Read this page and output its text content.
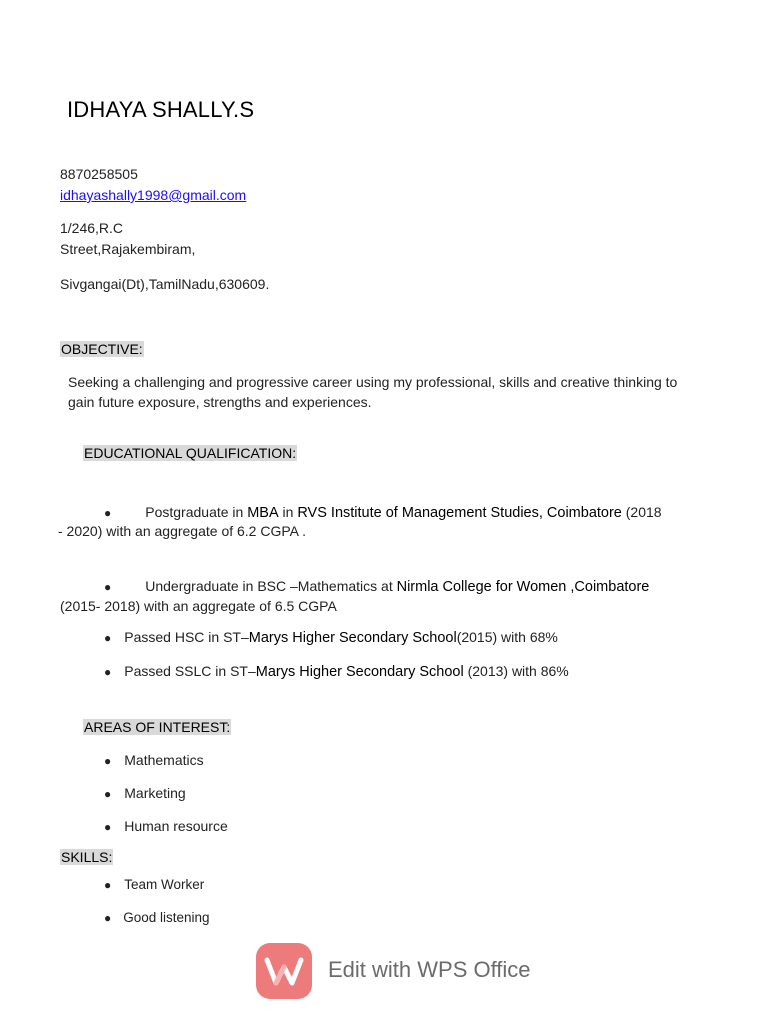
IDHAYA SHALLY.S
8870258505
idhayashally1998@gmail.com
1/246,R.C
Street,Rajakembiram,
Sivgangai(Dt),TamilNadu,630609.
OBJECTIVE:
Seeking a challenging and progressive career using my professional, skills and creative thinking to
gain future exposure, strengths and experiences.
EDUCATIONAL QUALIFICATION:
● Postgraduate in MBA in RVS Institute of Management Studies, Coimbatore (2018
- 2020) with an aggregate of 6.2 CGPA .
● Undergraduate in BSC –Mathematics at Nirmla College for Women ,Coimbatore
(2015- 2018) with an aggregate of 6.5 CGPA
● Passed HSC in ST–Marys Higher Secondary School(2015) with 68%
● Passed SSLC in ST–Marys Higher Secondary School (2013) with 86%
AREAS OF INTEREST:
● Mathematics
● Marketing
● Human resource
SKILLS:
● Team Worker
● Good listening
Edit with WPS Office
